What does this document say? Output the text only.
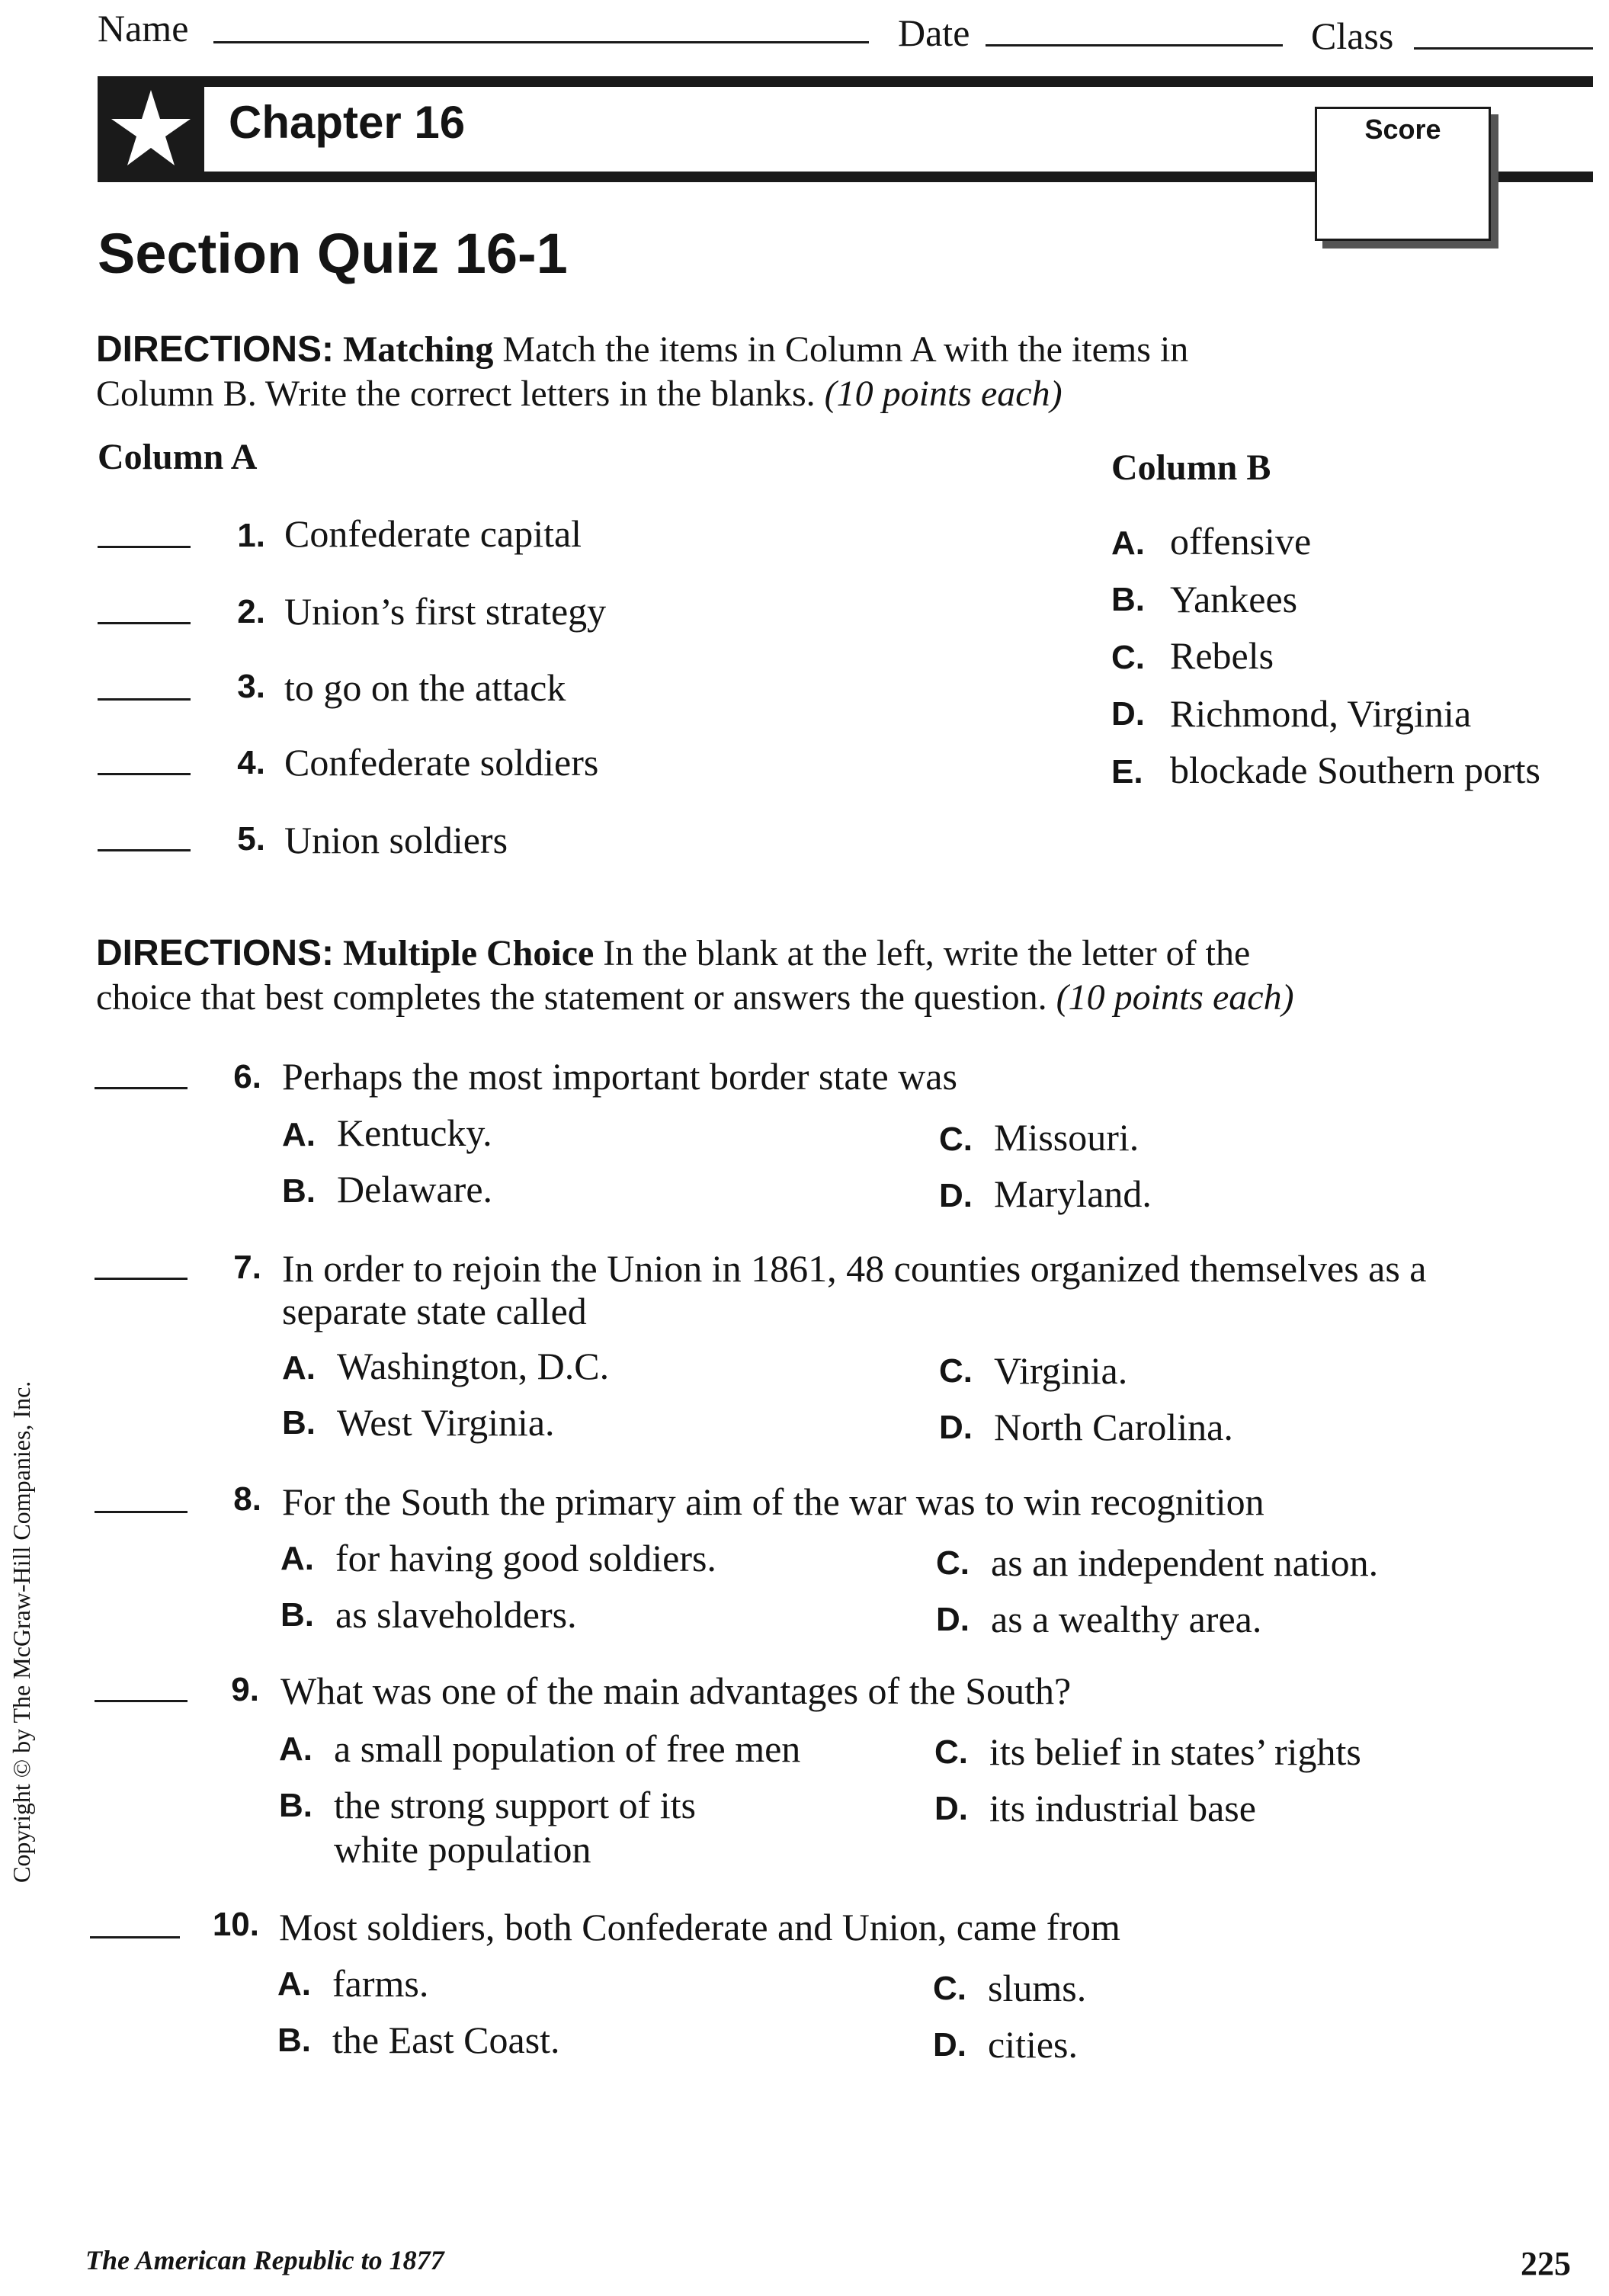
Name	Date	Class
Chapter 16	Score
Section Quiz 16-1
DIRECTIONS: Matching Match the items in Column A with the items in
Column B. Write the correct letters in the blanks. (10 points each)
Column A	Column B
1. Confederate capital
2. Union’s first strategy
3. to go on the attack
4. Confederate soldiers
5. Union soldiers
A. offensive
B. Yankees
C. Rebels
D. Richmond, Virginia
E. blockade Southern ports
DIRECTIONS: Multiple Choice In the blank at the left, write the letter of the
choice that best completes the statement or answers the question. (10 points each)
6. Perhaps the most important border state was
A. Kentucky.
B. Delaware.
C. Missouri.
D. Maryland.
7. In order to rejoin the Union in 1861, 48 counties organized themselves as a
separate state called
A. Washington, D.C.
B. West Virginia.
C. Virginia.
D. North Carolina.
8. For the South the primary aim of the war was to win recognition
A. for having good soldiers.
B. as slaveholders.
C. as an independent nation.
D. as a wealthy area.
9. What was one of the main advantages of the South?
A. a small population of free men
B. the strong support of its
white population
C. its belief in states’ rights
D. its industrial base
10. Most soldiers, both Confederate and Union, came from
A. farms.
B. the East Coast.
C. slums.
D. cities.
Copyright © by The McGraw-Hill Companies, Inc.
The American Republic to 1877	225
